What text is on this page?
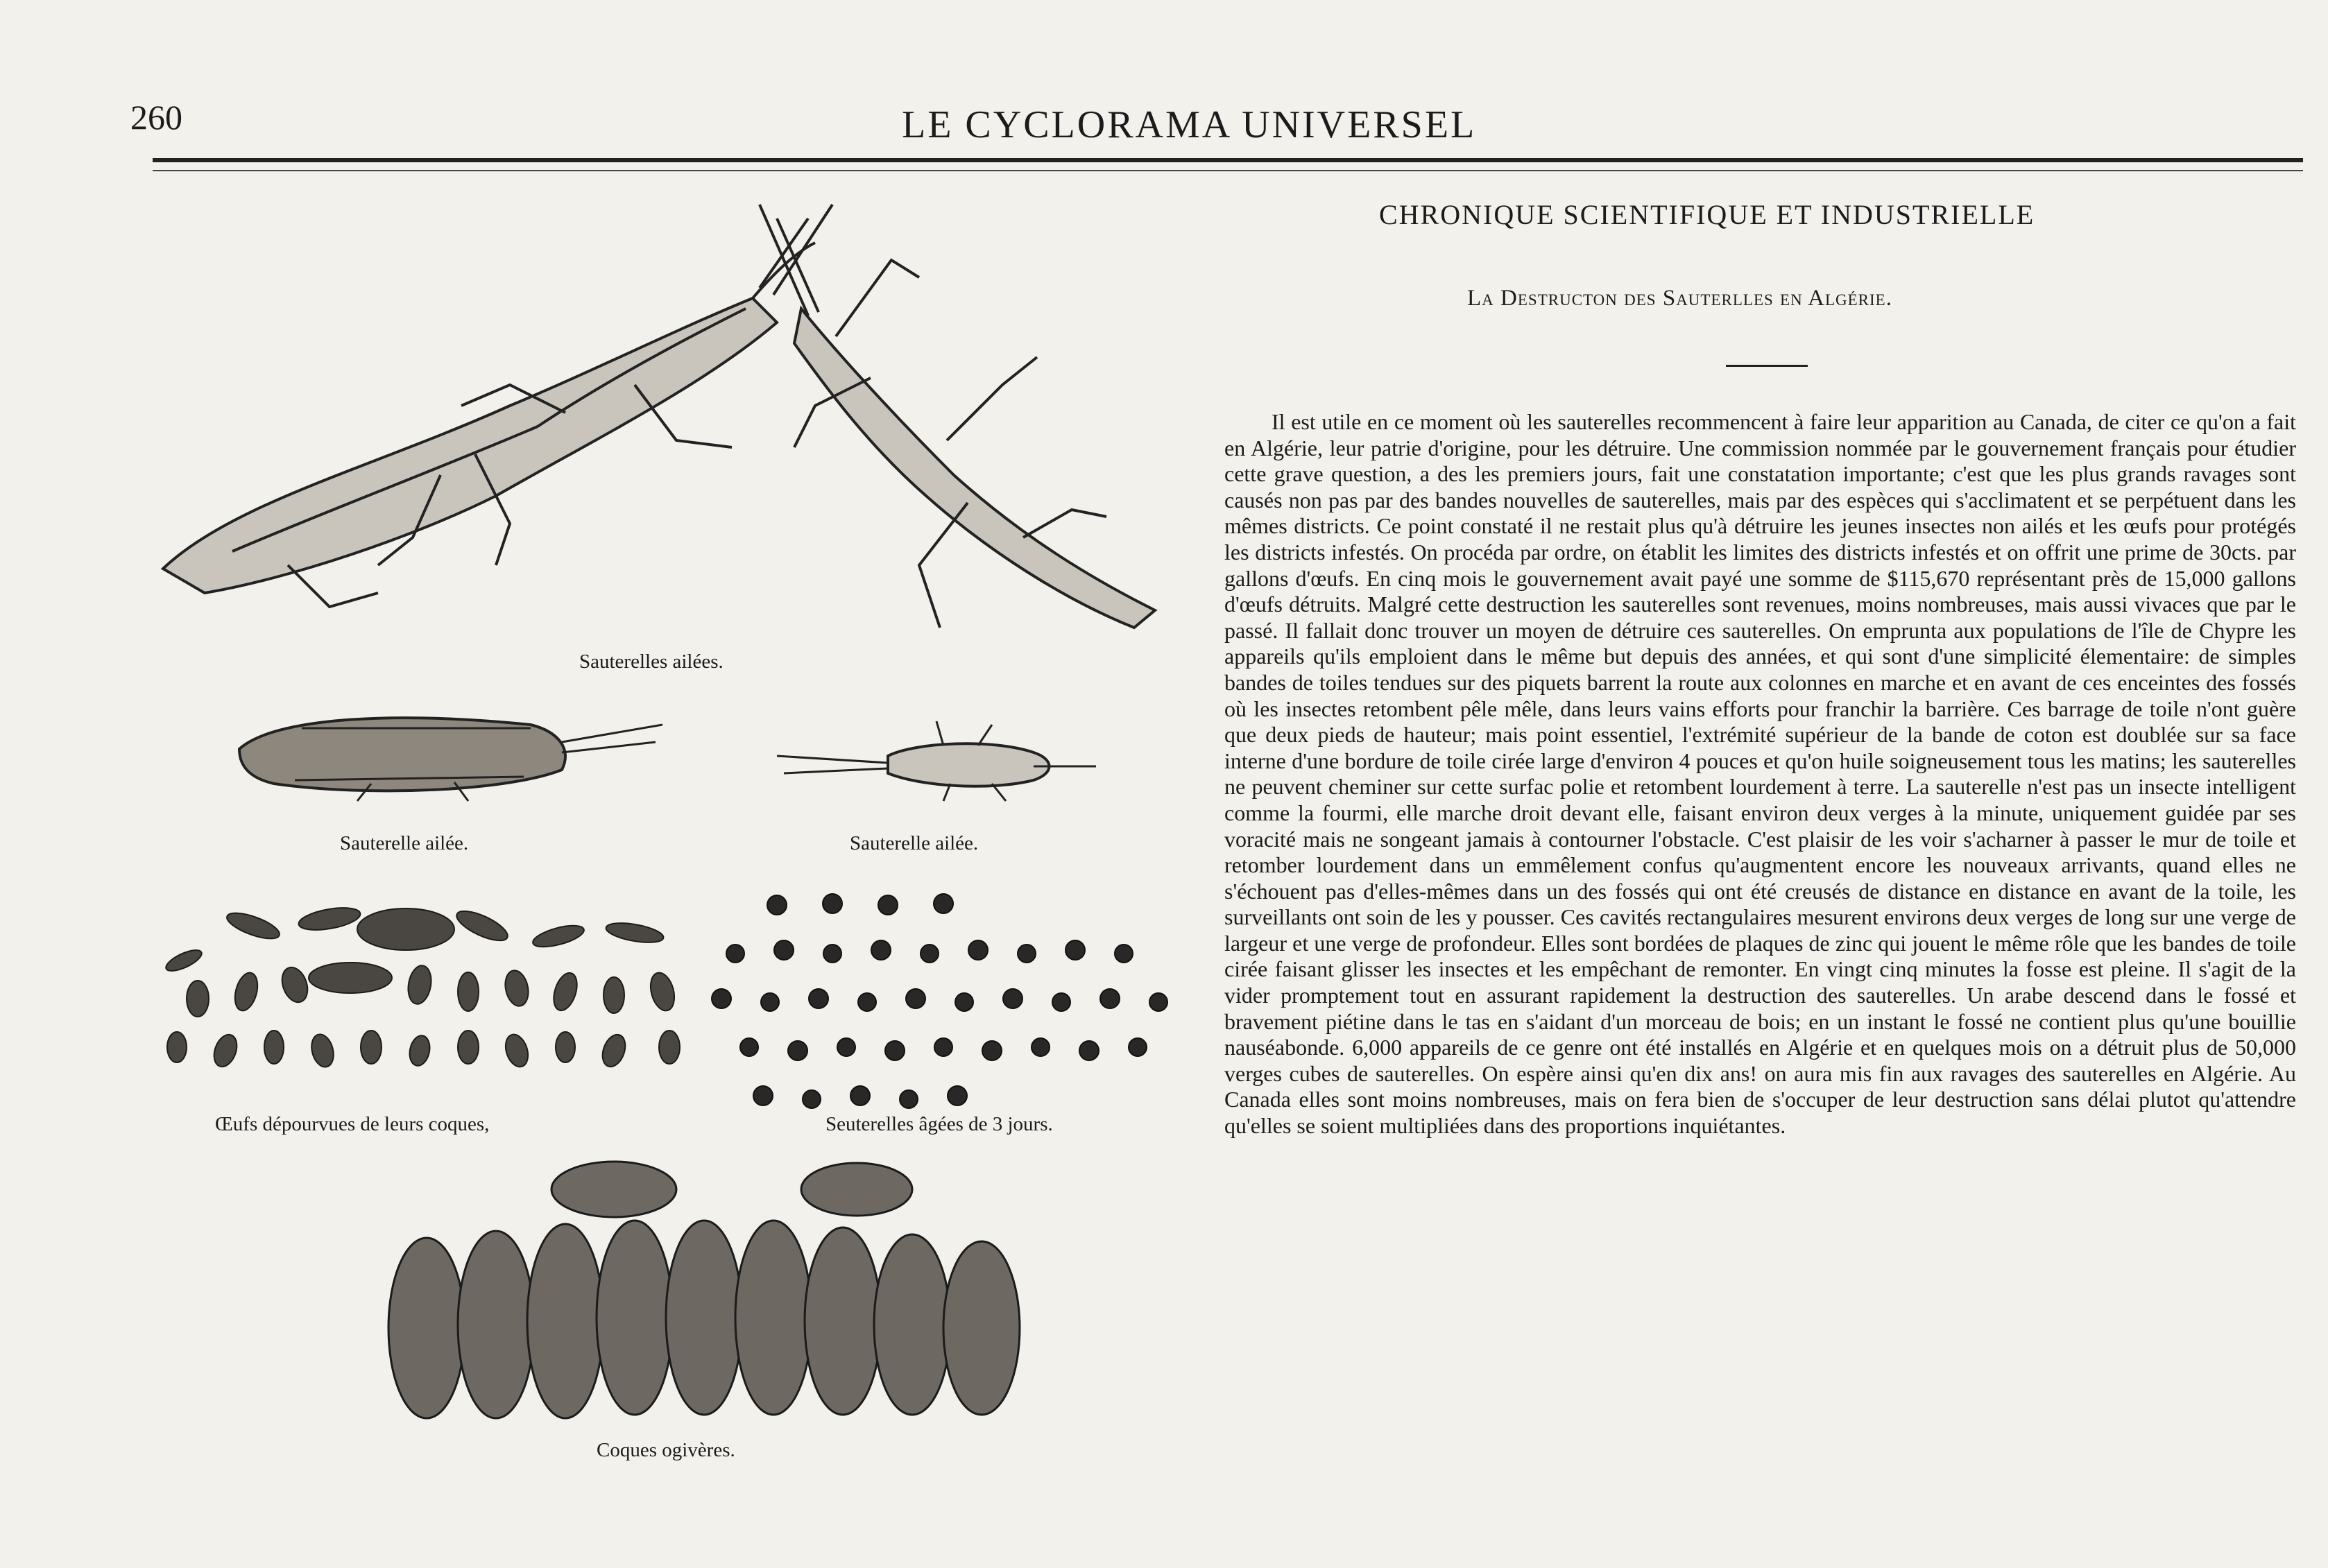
260	LE CYCLORAMA UNIVERSEL
Sauterelles ailées.
Sauterelle ailée.	Sauterelle ailée.
Œufs dépourvues de leurs coques,	Seuterelles âgées de 3 jours.
Coques ogivères.
CHRONIQUE SCIENTIFIQUE ET INDUSTRIELLE
La Destructon des Sauterlles en Algérie.

Il est utile en ce moment où les sauterelles recommencent à faire leur apparition au Canada, de citer ce qu'on a fait en Algérie, leur patrie d'origine, pour les détruire. Une commission nommée par le gouvernement français pour étudier cette grave question, a des les premiers jours, fait une constatation importante; c'est que les plus grands ravages sont causés non pas par des bandes nouvelles de sauterelles, mais par des espèces qui s'acclimatent et se perpétuent dans les mêmes districts. Ce point constaté il ne restait plus qu'à détruire les jeunes insectes non ailés et les œufs pour protégés les districts infestés. On procéda par ordre, on établit les limites des districts infestés et on offrit une prime de 30cts. par gallons d'œufs. En cinq mois le gouvernement avait payé une somme de $115,670 représentant près de 15,000 gallons d'œufs détruits. Malgré cette destruction les sauterelles sont revenues, moins nombreuses, mais aussi vivaces que par le passé. Il fallait donc trouver un moyen de détruire ces sauterelles. On emprunta aux populations de l'île de Chypre les appareils qu'ils emploient dans le même but depuis des années, et qui sont d'une simplicité élementaire: de simples bandes de toiles tendues sur des piquets barrent la route aux colonnes en marche et en avant de ces enceintes des fossés où les insectes retombent pêle mêle, dans leurs vains efforts pour franchir la barrière. Ces barrage de toile n'ont guère que deux pieds de hauteur; mais point essentiel, l'extrémité supérieur de la bande de coton est doublée sur sa face interne d'une bordure de toile cirée large d'environ 4 pouces et qu'on huile soigneusement tous les matins; les sauterelles ne peuvent cheminer sur cette surfac polie et retombent lourdement à terre. La sauterelle n'est pas un insecte intelligent comme la fourmi, elle marche droit devant elle, faisant environ deux verges à la minute, uniquement guidée par ses voracité mais ne songeant jamais à contourner l'obstacle. C'est plaisir de les voir s'acharner à passer le mur de toile et retomber lourdement dans un emmêlement confus qu'augmentent encore les nouveaux arrivants, quand elles ne s'échouent pas d'elles-mêmes dans un des fossés qui ont été creusés de distance en distance en avant de la toile, les surveillants ont soin de les y pousser. Ces cavités rectangulaires mesurent environs deux verges de long sur une verge de largeur et une verge de profondeur. Elles sont bordées de plaques de zinc qui jouent le même rôle que les bandes de toile cirée faisant glisser les insectes et les empêchant de remonter. En vingt cinq minutes la fosse est pleine. Il s'agit de la vider promptement tout en assurant rapidement la destruction des sauterelles. Un arabe descend dans le fossé et bravement piétine dans le tas en s'aidant d'un morceau de bois; en un instant le fossé ne contient plus qu'une bouillie nauséabonde. 6,000 appareils de ce genre ont été installés en Algérie et en quelques mois on a détruit plus de 50,000 verges cubes de sauterelles. On espère ainsi qu'en dix ans! on aura mis fin aux ravages des sauterelles en Algérie. Au Canada elles sont moins nombreuses, mais on fera bien de s'occuper de leur destruction sans délai plutot qu'attendre qu'elles se soient multipliées dans des proportions inquiétantes.
